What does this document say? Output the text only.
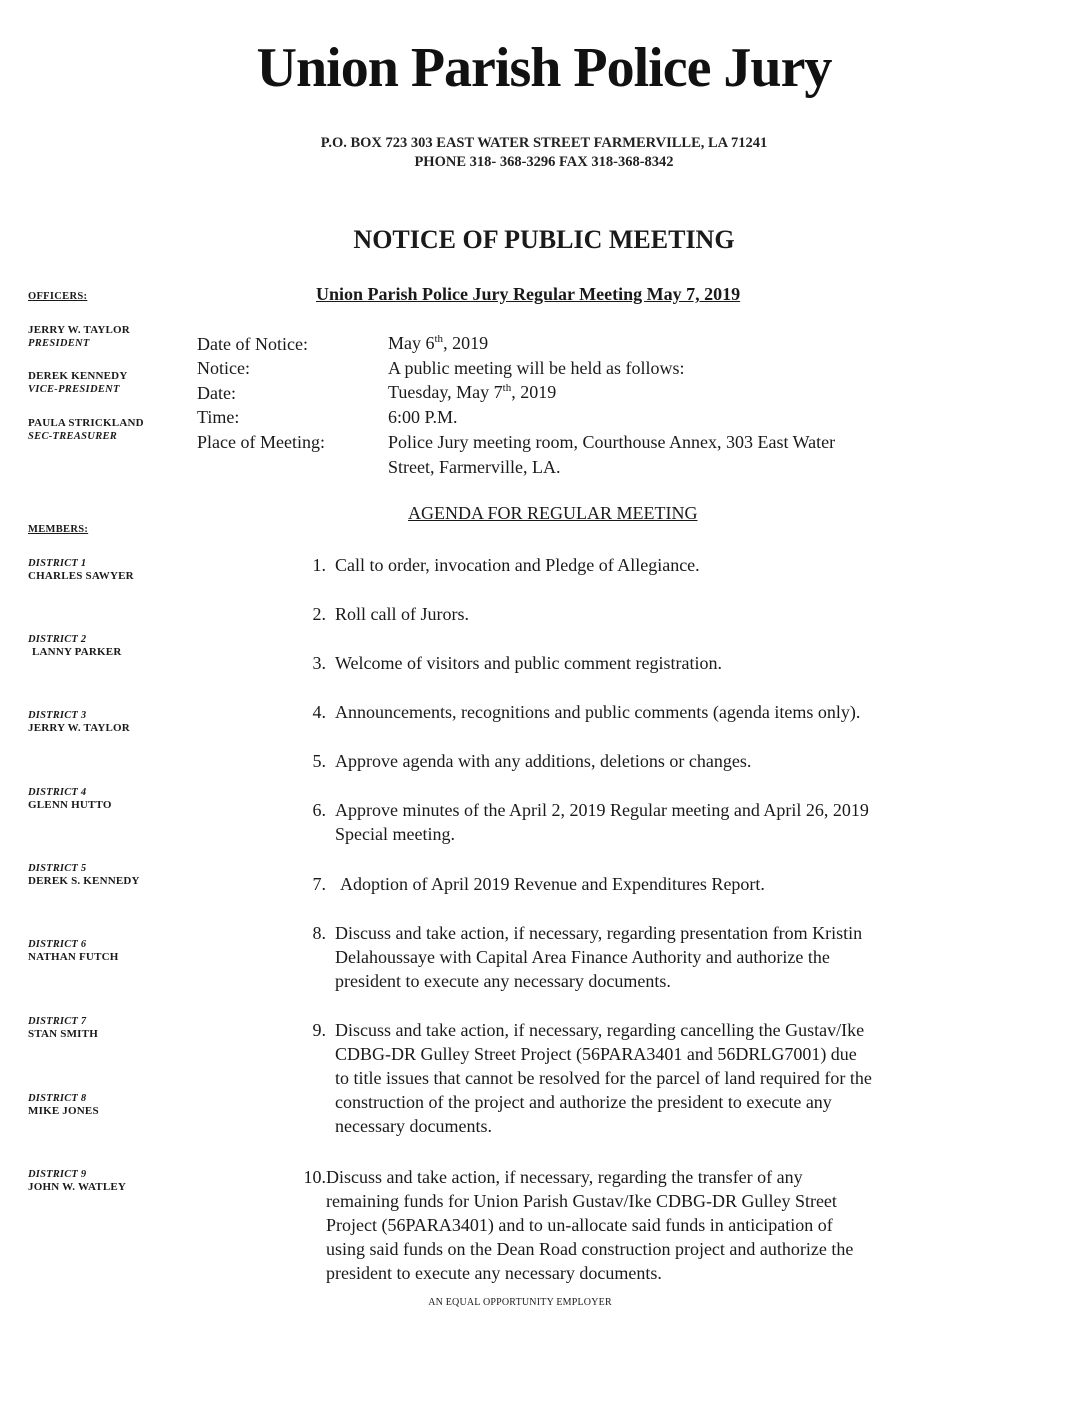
Union Parish Police Jury
P.O. BOX 723 303 EAST WATER STREET FARMERVILLE, LA 71241
PHONE 318- 368-3296 FAX 318-368-8342
NOTICE OF PUBLIC MEETING
Union Parish Police Jury Regular Meeting May 7, 2019
OFFICERS:
JERRY W. TAYLOR
PRESIDENT
DEREK KENNEDY
VICE-PRESIDENT
PAULA STRICKLAND
SEC-TREASURER
MEMBERS:
DISTRICT 1
CHARLES SAWYER
DISTRICT 2
LANNY PARKER
DISTRICT 3
JERRY W. TAYLOR
DISTRICT 4
GLENN HUTTO
DISTRICT 5
DEREK S. KENNEDY
DISTRICT 6
NATHAN FUTCH
DISTRICT 7
STAN SMITH
DISTRICT 8
MIKE JONES
DISTRICT 9
JOHN W. WATLEY
Date of Notice:	May 6th, 2019
Notice:	A public meeting will be held as follows:
Date:	Tuesday, May 7th, 2019
Time:	6:00 P.M.
Place of Meeting:	Police Jury meeting room, Courthouse Annex, 303 East Water
Street, Farmerville, LA.
AGENDA FOR REGULAR MEETING
1. Call to order, invocation and Pledge of Allegiance.
2. Roll call of Jurors.
3. Welcome of visitors and public comment registration.
4. Announcements, recognitions and public comments (agenda items only).
5. Approve agenda with any additions, deletions or changes.
6. Approve minutes of the April 2, 2019 Regular meeting and April 26, 2019
Special meeting.
7. Adoption of April 2019 Revenue and Expenditures Report.
8. Discuss and take action, if necessary, regarding presentation from Kristin
Delahoussaye with Capital Area Finance Authority and authorize the
president to execute any necessary documents.
9. Discuss and take action, if necessary, regarding cancelling the Gustav/Ike
CDBG-DR Gulley Street Project (56PARA3401 and 56DRLG7001) due
to title issues that cannot be resolved for the parcel of land required for the
construction of the project and authorize the president to execute any
necessary documents.
10. Discuss and take action, if necessary, regarding the transfer of any
remaining funds for Union Parish Gustav/Ike CDBG-DR Gulley Street
Project (56PARA3401) and to un-allocate said funds in anticipation of
using said funds on the Dean Road construction project and authorize the
president to execute any necessary documents.
AN EQUAL OPPORTUNITY EMPLOYER
